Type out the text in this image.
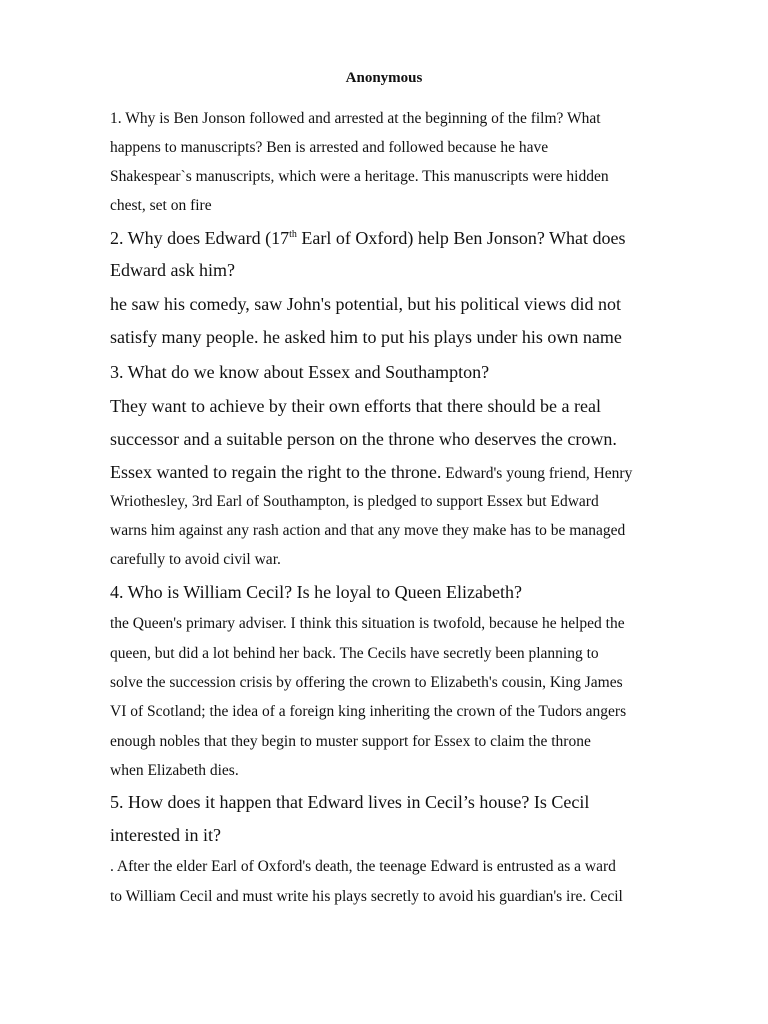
Anonymous

1. Why is Ben Jonson followed and arrested at the beginning of the film? What

happens to manuscripts? Ben is arrested and followed because he have

Shakespear`s manuscripts, which were a heritage. This manuscripts were hidden

chest, set on fire

2. Why does Edward (17th Earl of Oxford) help Ben Jonson? What does

Edward ask him?

he saw his comedy, saw John's potential, but his political views did not

satisfy many people. he asked him to put his plays under his own name

3. What do we know about Essex and Southampton?

They want to achieve by their own efforts that there should be a real

successor and a suitable person on the throne who deserves the crown.

Essex wanted to regain the right to the throne. Edward's young friend, Henry

Wriothesley, 3rd Earl of Southampton, is pledged to support Essex but Edward

warns him against any rash action and that any move they make has to be managed

carefully to avoid civil war.

4. Who is William Cecil? Is he loyal to Queen Elizabeth?

the Queen's primary adviser. I think this situation is twofold, because he helped the

queen, but did a lot behind her back. The Cecils have secretly been planning to

solve the succession crisis by offering the crown to Elizabeth's cousin, King James

VI of Scotland; the idea of a foreign king inheriting the crown of the Tudors angers

enough nobles that they begin to muster support for Essex to claim the throne

when Elizabeth dies.

5. How does it happen that Edward lives in Cecil’s house? Is Cecil

interested in it?

. After the elder Earl of Oxford's death, the teenage Edward is entrusted as a ward

to William Cecil and must write his plays secretly to avoid his guardian's ire. Cecil
